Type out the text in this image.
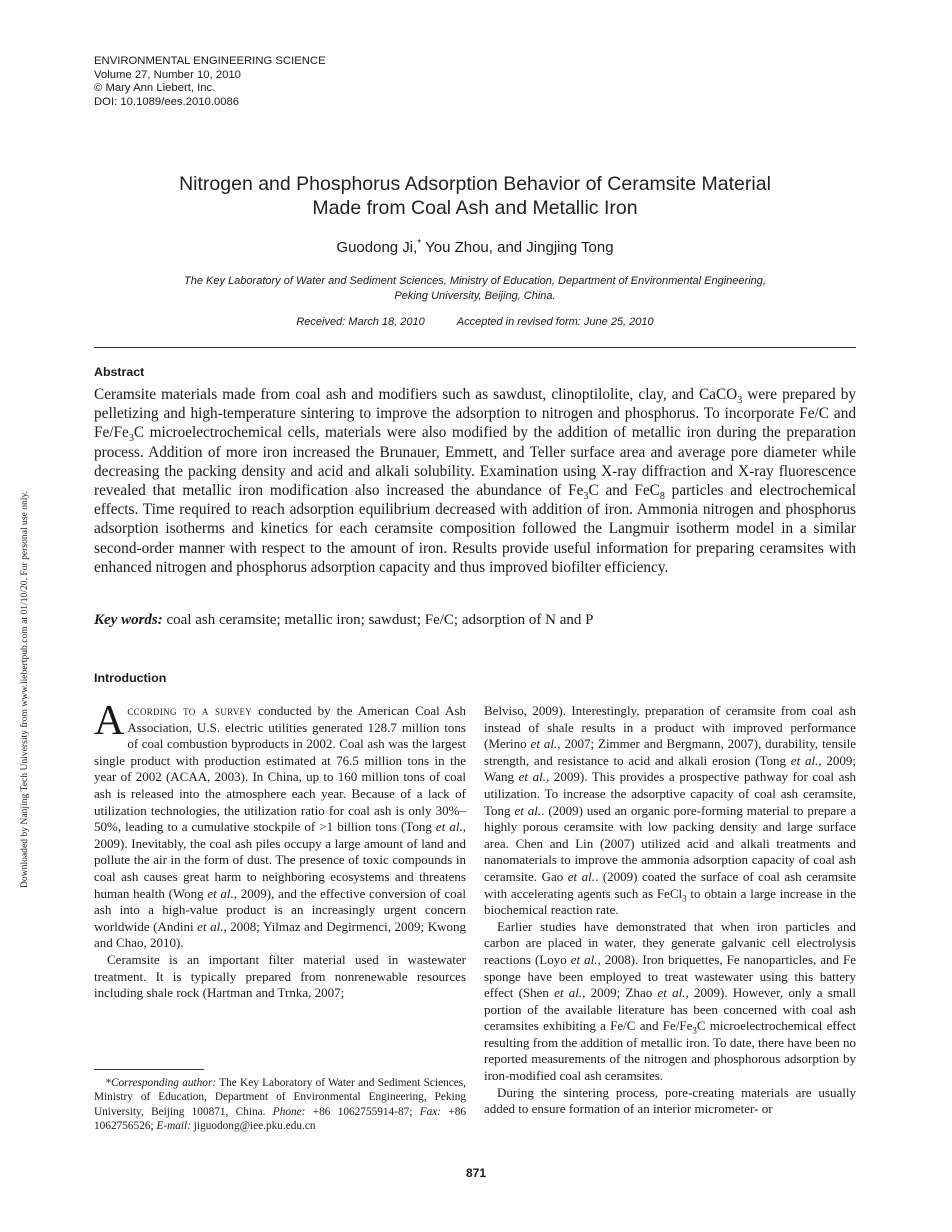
ENVIRONMENTAL ENGINEERING SCIENCE
Volume 27, Number 10, 2010
© Mary Ann Liebert, Inc.
DOI: 10.1089/ees.2010.0086
Downloaded by Nanjing Tech University from www.liebertpub.com at 01/10/20. For personal use only.
Nitrogen and Phosphorus Adsorption Behavior of Ceramsite Material
Made from Coal Ash and Metallic Iron
Guodong Ji,* You Zhou, and Jingjing Tong
The Key Laboratory of Water and Sediment Sciences, Ministry of Education, Department of Environmental Engineering,
Peking University, Beijing, China.
Received: March 18, 2010	Accepted in revised form: June 25, 2010
Abstract
Ceramsite materials made from coal ash and modifiers such as sawdust, clinoptilolite, clay, and CaCO$_3$ were prepared by pelletizing and high-temperature sintering to improve the adsorption to nitrogen and phosphorus. To incorporate Fe/C and $Fe/Fe_3C$ microelectrochemical cells, materials were also modified by the addition of metallic iron during the preparation process. Addition of more iron increased the Brunauer, Emmett, and Teller surface area and average pore diameter while decreasing the packing density and acid and alkali solubility. Examination using X-ray diffraction and X-ray fluorescence revealed that metallic iron modification also increased the abundance of $Fe_3C$ and FeC$_8$ particles and electrochemical effects. Time required to reach adsorption equilibrium decreased with addition of iron. Ammonia nitrogen and phosphorus adsorption isotherms and kinetics for each ceramsite composition followed the Langmuir isotherm model in a similar second-order manner with respect to the amount of iron. Results provide useful information for preparing ceramsites with enhanced nitrogen and phosphorus adsorption capacity and thus improved biofilter efficiency.
Key words: coal ash ceramsite; metallic iron; sawdust; Fe/C; adsorption of N and P
Introduction

According to a survey conducted by the American Coal Ash Association, U.S. electric utilities generated 128.7 million tons of coal combustion byproducts in 2002. Coal ash was the largest single product with production estimated at 76.5 million tons in the year of 2002 (ACAA, 2003). In China, up to 160 million tons of coal ash is released into the atmosphere each year. Because of a lack of utilization technologies, the utilization ratio for coal ash is only 30%–50%, leading to a cumulative stockpile of >1 billion tons (Tong et al., 2009). Inevitably, the coal ash piles occupy a large amount of land and pollute the air in the form of dust. The presence of toxic compounds in coal ash causes great harm to neighboring ecosystems and threatens human health (Wong et al., 2009), and the effective conversion of coal ash into a high-value product is an increasingly urgent concern worldwide (Andini et al., 2008; Yilmaz and Degirmenci, 2009; Kwong and Chao, 2010).

Ceramsite is an important filter material used in wastewater treatment. It is typically prepared from nonrenewable resources including shale rock (Hartman and Trnka, 2007;

Belviso, 2009). Interestingly, preparation of ceramsite from coal ash instead of shale results in a product with improved performance (Merino et al., 2007; Zimmer and Bergmann, 2007), durability, tensile strength, and resistance to acid and alkali erosion (Tong et al., 2009; Wang et al., 2009). This provides a prospective pathway for coal ash utilization. To increase the adsorptive capacity of coal ash ceramsite, Tong et al.. (2009) used an organic pore-forming material to prepare a highly porous ceramsite with low packing density and large surface area. Chen and Lin (2007) utilized acid and alkali treatments and nanomaterials to improve the ammonia adsorption capacity of coal ash ceramsite. Gao et al.. (2009) coated the surface of coal ash ceramsite with accelerating agents such as FeCl$_3$ to obtain a large increase in the biochemical reaction rate.

Earlier studies have demonstrated that when iron particles and carbon are placed in water, they generate galvanic cell electrolysis reactions (Loyo et al., 2008). Iron briquettes, Fe nanoparticles, and Fe sponge have been employed to treat wastewater using this battery effect (Shen et al., 2009; Zhao et al., 2009). However, only a small portion of the available literature has been concerned with coal ash ceramsites exhibiting a Fe/C and $Fe/Fe_3C$ microelectrochemical effect resulting from the addition of metallic iron. To date, there have been no reported measurements of the nitrogen and phosphorous adsorption by iron-modified coal ash ceramsites.

During the sintering process, pore-creating materials are usually added to ensure formation of an interior micrometer- or

*Corresponding author: The Key Laboratory of Water and Sediment Sciences, Ministry of Education, Department of Environmental Engineering, Peking University, Beijing 100871, China. Phone: +86 1062755914-87; Fax: +86 1062756526; E-mail: jiguodong@iee.pku.edu.cn
871
